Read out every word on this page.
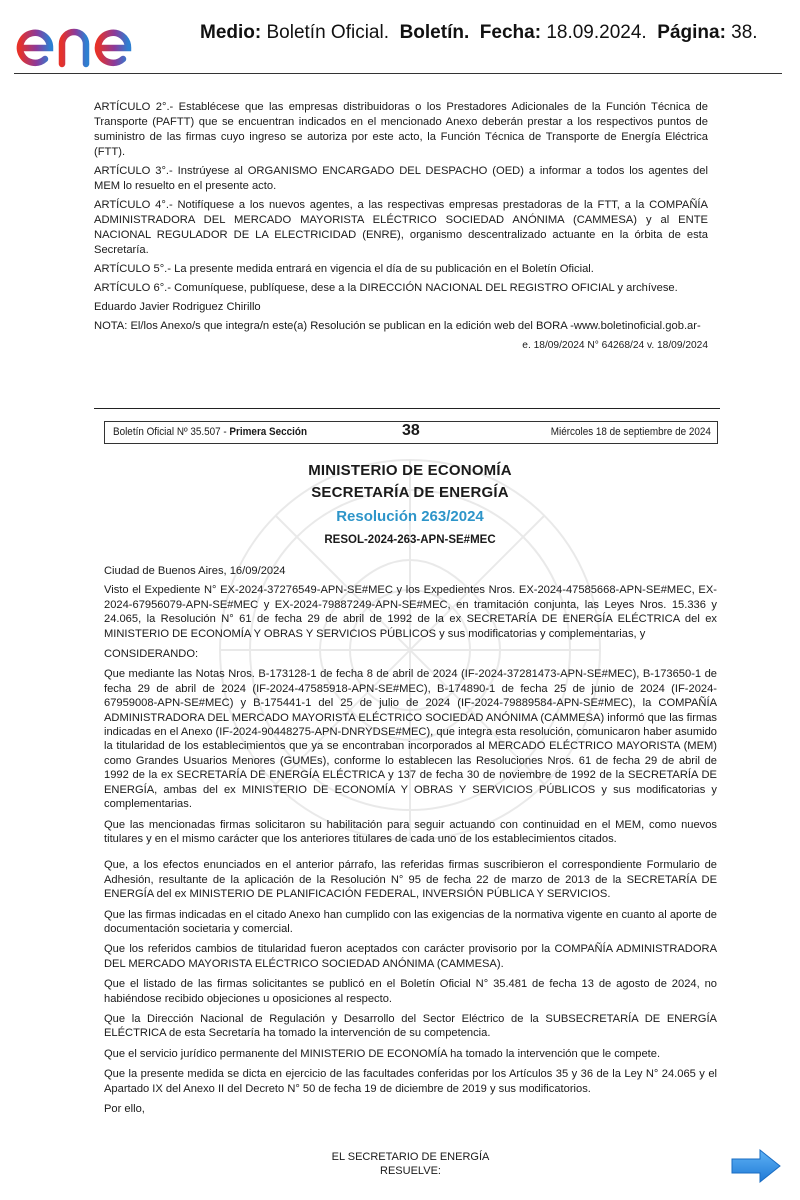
Medio: Boletín Oficial. Boletín. Fecha: 18.09.2024. Página: 38.

ARTÍCULO 2°.- Establécese que las empresas distribuidoras o los Prestadores Adicionales de la Función Técnica de Transporte (PAFTT) que se encuentran indicados en el mencionado Anexo deberán prestar a los respectivos puntos de suministro de las firmas cuyo ingreso se autoriza por este acto, la Función Técnica de Transporte de Energía Eléctrica (FTT).

ARTÍCULO 3°.- Instrúyese al ORGANISMO ENCARGADO DEL DESPACHO (OED) a informar a todos los agentes del MEM lo resuelto en el presente acto.

ARTÍCULO 4°.- Notifíquese a los nuevos agentes, a las respectivas empresas prestadoras de la FTT, a la COMPAÑÍA ADMINISTRADORA DEL MERCADO MAYORISTA ELÉCTRICO SOCIEDAD ANÓNIMA (CAMMESA) y al ENTE NACIONAL REGULADOR DE LA ELECTRICIDAD (ENRE), organismo descentralizado actuante en la órbita de esta Secretaría.

ARTÍCULO 5°.- La presente medida entrará en vigencia el día de su publicación en el Boletín Oficial.

ARTÍCULO 6°.- Comuníquese, publíquese, dese a la DIRECCIÓN NACIONAL DEL REGISTRO OFICIAL y archívese.

Eduardo Javier Rodriguez Chirillo

NOTA: El/los Anexo/s que integra/n este(a) Resolución se publican en la edición web del BORA -www.boletinoficial.gob.ar-

e. 18/09/2024 N° 64268/24 v. 18/09/2024
Boletín Oficial Nº 35.507 - Primera Sección	38	Miércoles 18 de septiembre de 2024
MINISTERIO DE ECONOMÍA
SECRETARÍA DE ENERGÍA
Resolución 263/2024
RESOL-2024-263-APN-SE#MEC

Ciudad de Buenos Aires, 16/09/2024

Visto el Expediente N° EX-2024-37276549-APN-SE#MEC y los Expedientes Nros. EX-2024-47585668-APN-SE#MEC, EX-2024-67956079-APN-SE#MEC y EX-2024-79887249-APN-SE#MEC, en tramitación conjunta, las Leyes Nros. 15.336 y 24.065, la Resolución N° 61 de fecha 29 de abril de 1992 de la ex SECRETARÍA DE ENERGÍA ELÉCTRICA del ex MINISTERIO DE ECONOMÍA Y OBRAS Y SERVICIOS PÚBLICOS y sus modificatorias y complementarias, y

CONSIDERANDO:

Que mediante las Notas Nros. B-173128-1 de fecha 8 de abril de 2024 (IF-2024-37281473-APN-SE#MEC), B-173650-1 de fecha 29 de abril de 2024 (IF-2024-47585918-APN-SE#MEC), B-174890-1 de fecha 25 de junio de 2024 (IF-2024-67959008-APN-SE#MEC) y B-175441-1 del 25 de julio de 2024 (IF-2024-79889584-APN-SE#MEC), la COMPAÑÍA ADMINISTRADORA DEL MERCADO MAYORISTA ELÉCTRICO SOCIEDAD ANÓNIMA (CAMMESA) informó que las firmas indicadas en el Anexo (IF-2024-90448275-APN-DNRYDSE#MEC), que integra esta resolución, comunicaron haber asumido la titularidad de los establecimientos que ya se encontraban incorporados al MERCADO ELÉCTRICO MAYORISTA (MEM) como Grandes Usuarios Menores (GUMEs), conforme lo establecen las Resoluciones Nros. 61 de fecha 29 de abril de 1992 de la ex SECRETARÍA DE ENERGÍA ELÉCTRICA y 137 de fecha 30 de noviembre de 1992 de la SECRETARÍA DE ENERGÍA, ambas del ex MINISTERIO DE ECONOMÍA Y OBRAS Y SERVICIOS PÚBLICOS y sus modificatorias y complementarias.

Que las mencionadas firmas solicitaron su habilitación para seguir actuando con continuidad en el MEM, como nuevos titulares y en el mismo carácter que los anteriores titulares de cada uno de los establecimientos citados.

Que, a los efectos enunciados en el anterior párrafo, las referidas firmas suscribieron el correspondiente Formulario de Adhesión, resultante de la aplicación de la Resolución N° 95 de fecha 22 de marzo de 2013 de la SECRETARÍA DE ENERGÍA del ex MINISTERIO DE PLANIFICACIÓN FEDERAL, INVERSIÓN PÚBLICA Y SERVICIOS.

Que las firmas indicadas en el citado Anexo han cumplido con las exigencias de la normativa vigente en cuanto al aporte de documentación societaria y comercial.

Que los referidos cambios de titularidad fueron aceptados con carácter provisorio por la COMPAÑÍA ADMINISTRADORA DEL MERCADO MAYORISTA ELÉCTRICO SOCIEDAD ANÓNIMA (CAMMESA).

Que el listado de las firmas solicitantes se publicó en el Boletín Oficial N° 35.481 de fecha 13 de agosto de 2024, no habiéndose recibido objeciones u oposiciones al respecto.

Que la Dirección Nacional de Regulación y Desarrollo del Sector Eléctrico de la SUBSECRETARÍA DE ENERGÍA ELÉCTRICA de esta Secretaría ha tomado la intervención de su competencia.

Que el servicio jurídico permanente del MINISTERIO DE ECONOMÍA ha tomado la intervención que le compete.

Que la presente medida se dicta en ejercicio de las facultades conferidas por los Artículos 35 y 36 de la Ley N° 24.065 y el Apartado IX del Anexo II del Decreto N° 50 de fecha 19 de diciembre de 2019 y sus modificatorios.

Por ello,

EL SECRETARIO DE ENERGÍA
RESUELVE:
